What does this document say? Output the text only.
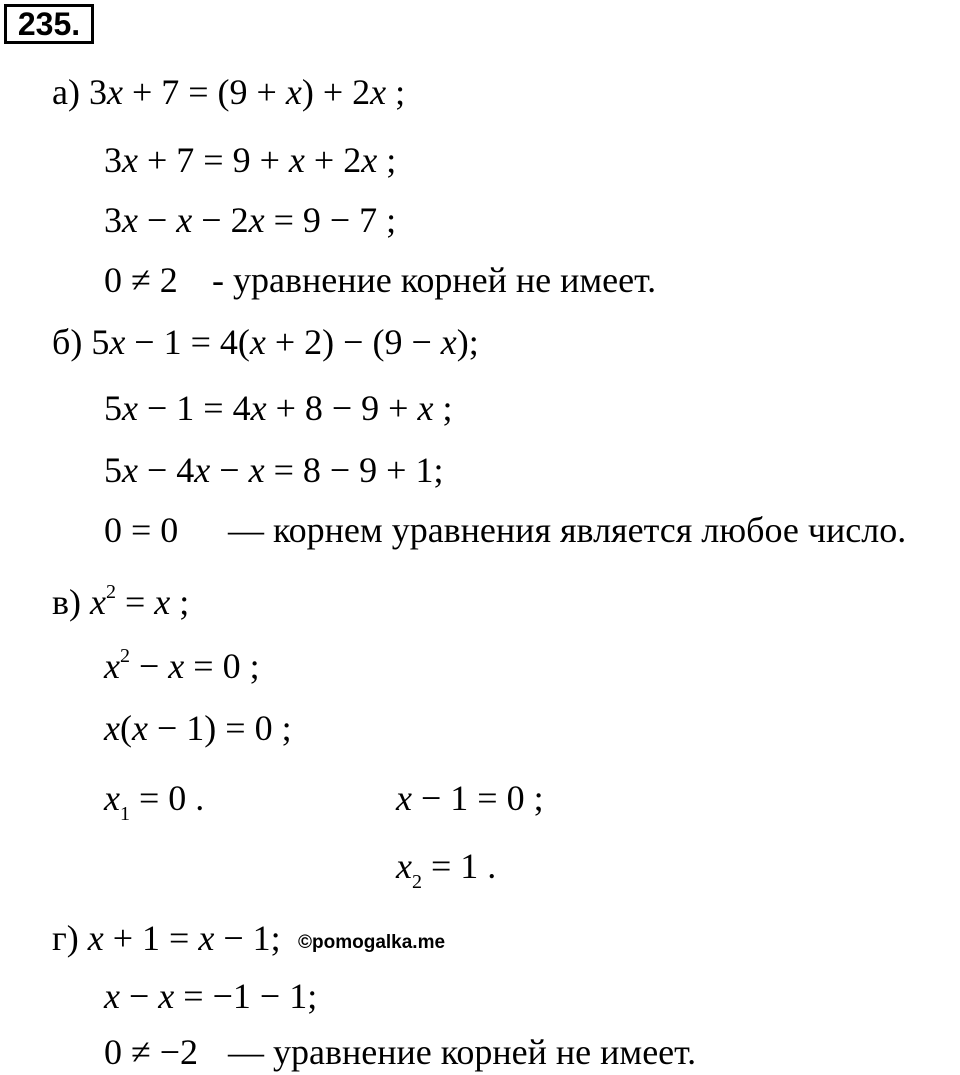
235.
а) 3x + 7 = (9 + x) + 2x ;
3x + 7 = 9 + x + 2x ;
3x − x − 2x = 9 − 7 ;
0 ≠ 2 - уравнение корней не имеет.
б) 5x − 1 = 4(x + 2) − (9 − x);
5x − 1 = 4x + 8 − 9 + x ;
5x − 4x − x = 8 − 9 + 1;
0 = 0 — корнем уравнения является любое число.
в) $x^2 = x$ ;
$x^2 - x = 0$ ;
x(x − 1) = 0 ;
$x_1 = 0$ .	x − 1 = 0 ;
$x_2 = 1$ .
г) x + 1 = x − 1; ©pomogalka.me
x − x = −1 − 1;
0 ≠ −2 — уравнение корней не имеет.
